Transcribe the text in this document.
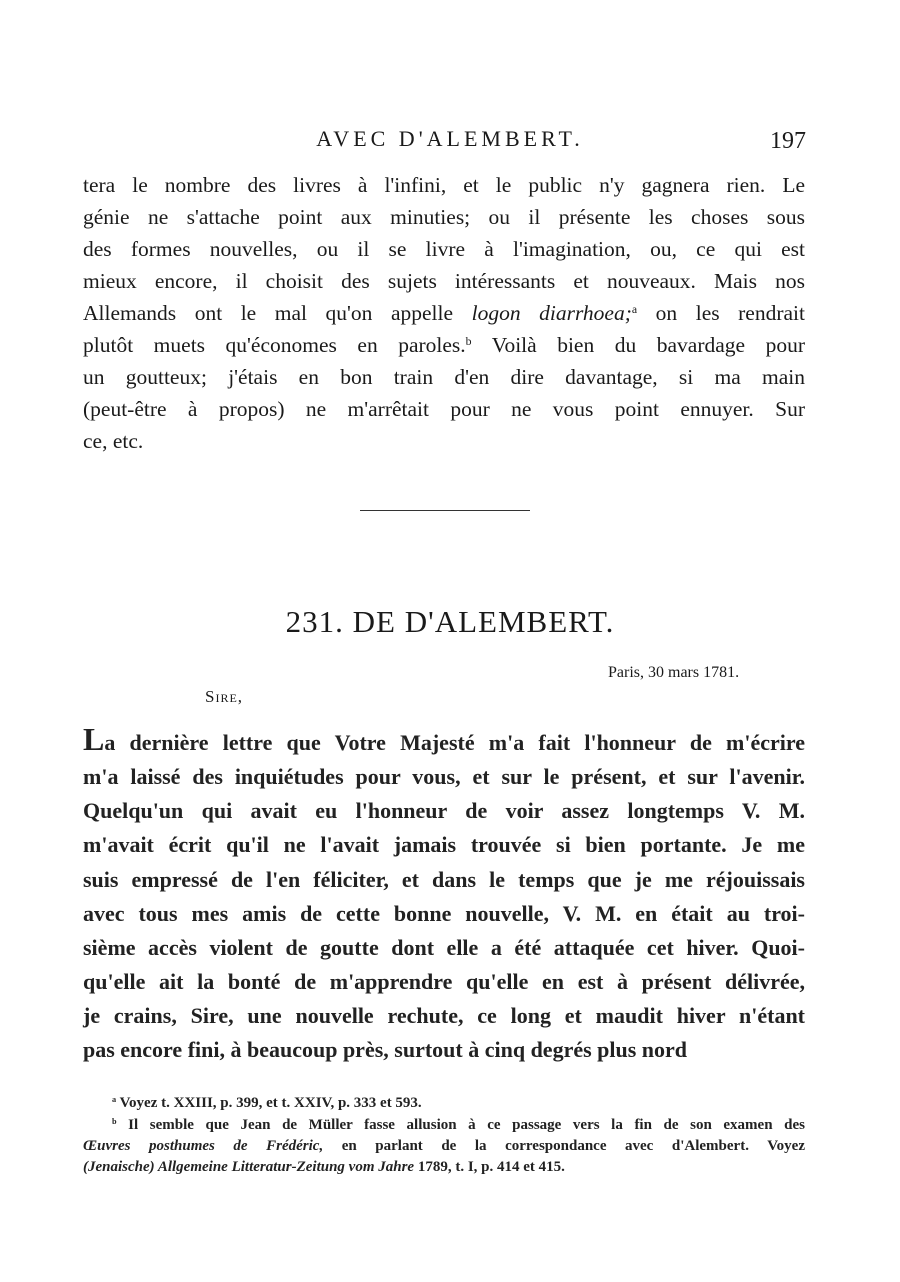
AVEC D'ALEMBERT.	197
tera le nombre des livres à l'infini, et le public n'y gagnera rien. Le
génie ne s'attache point aux minuties; ou il présente les choses sous
des formes nouvelles, ou il se livre à l'imagination, ou, ce qui est
mieux encore, il choisit des sujets intéressants et nouveaux. Mais nos
Allemands ont le mal qu'on appelle logon diarrhoea;$^a$ on les rendrait
plutôt muets qu'économes en paroles.$^b$ Voilà bien du bavardage pour
un goutteux; j'étais en bon train d'en dire davantage, si ma main
(peut-être à propos) ne m'arrêtait pour ne vous point ennuyer. Sur
ce, etc.
231. DE D'ALEMBERT.
Paris, 30 mars 1781.
Sire,
La dernière lettre que Votre Majesté m'a fait l'honneur de m'écrire
m'a laissé des inquiétudes pour vous, et sur le présent, et sur l'avenir.
Quelqu'un qui avait eu l'honneur de voir assez longtemps V. M.
m'avait écrit qu'il ne l'avait jamais trouvée si bien portante. Je me
suis empressé de l'en féliciter, et dans le temps que je me réjouissais
avec tous mes amis de cette bonne nouvelle, V. M. en était au troi-
sième accès violent de goutte dont elle a été attaquée cet hiver. Quoi-
qu'elle ait la bonté de m'apprendre qu'elle en est à présent délivrée,
je crains, Sire, une nouvelle rechute, ce long et maudit hiver n'étant
pas encore fini, à beaucoup près, surtout à cinq degrés plus nord
$^a$ Voyez t. XXIII, p. 399, et t. XXIV, p. 333 et 593.
$^b$ Il semble que Jean de Müller fasse allusion à ce passage vers la fin de son examen des
Œuvres posthumes de Frédéric, en parlant de la correspondance avec d'Alembert. Voyez
(Jenaische) Allgemeine Litteratur-Zeitung vom Jahre 1789, t. I, p. 414 et 415.
